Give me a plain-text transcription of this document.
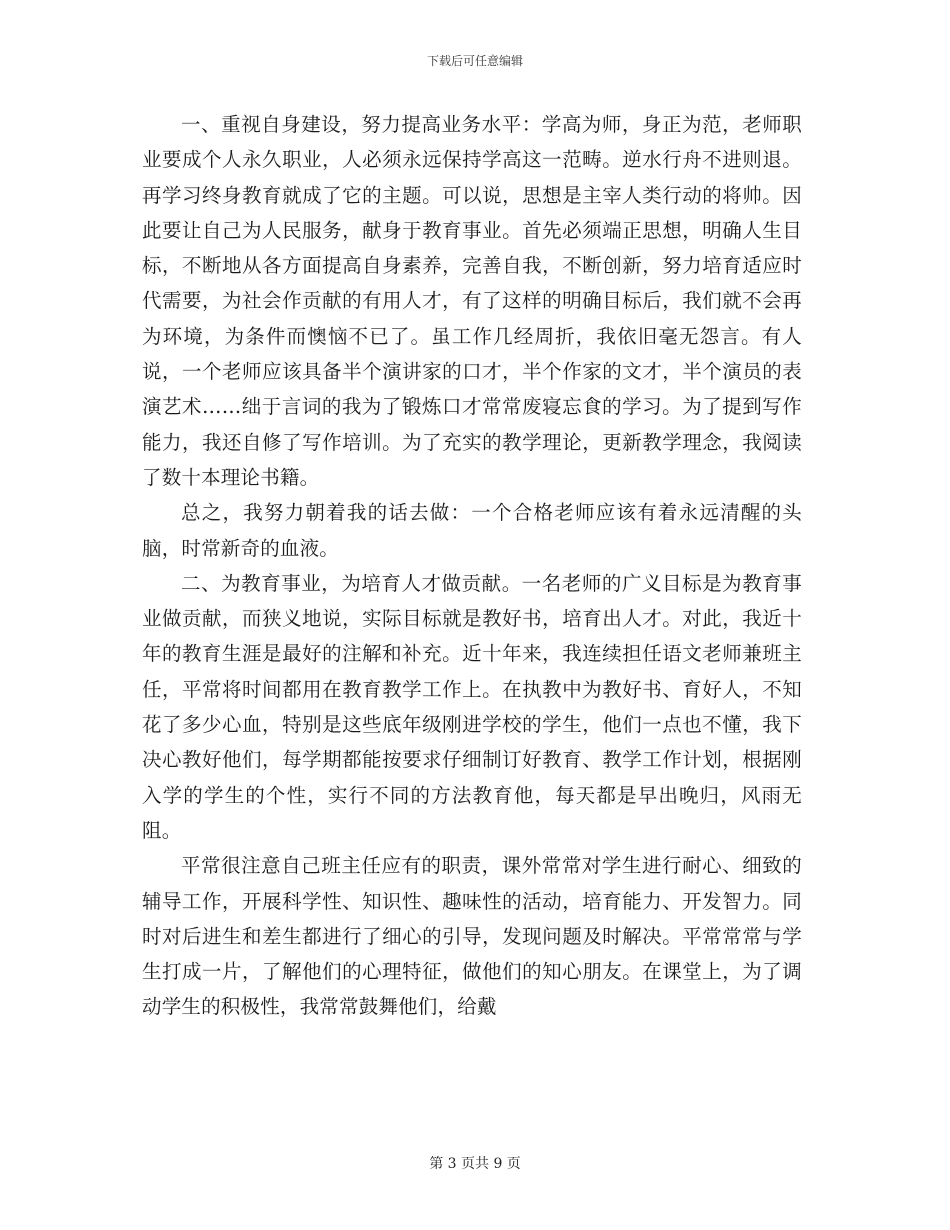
下载后可任意编辑

一、重视自身建设，努力提高业务水平：学高为师，身正为范，老师职业要成个人永久职业，人必须永远保持学高这一范畴。逆水行舟不进则退。再学习终身教育就成了它的主题。可以说，思想是主宰人类行动的将帅。因此要让自己为人民服务，献身于教育事业。首先必须端正思想，明确人生目标，不断地从各方面提高自身素养，完善自我，不断创新，努力培育适应时代需要，为社会作贡献的有用人才，有了这样的明确目标后，我们就不会再为环境，为条件而懊恼不已了。虽工作几经周折，我依旧毫无怨言。有人说，一个老师应该具备半个演讲家的口才，半个作家的文才，半个演员的表演艺术……绌于言词的我为了锻炼口才常常废寝忘食的学习。为了提到写作能力，我还自修了写作培训。为了充实的教学理论，更新教学理念，我阅读了数十本理论书籍。

总之，我努力朝着我的话去做：一个合格老师应该有着永远清醒的头脑，时常新奇的血液。

二、为教育事业，为培育人才做贡献。一名老师的广义目标是为教育事业做贡献，而狭义地说，实际目标就是教好书，培育出人才。对此，我近十年的教育生涯是最好的注解和补充。近十年来，我连续担任语文老师兼班主任，平常将时间都用在教育教学工作上。在执教中为教好书、育好人，不知花了多少心血，特别是这些底年级刚进学校的学生，他们一点也不懂，我下决心教好他们，每学期都能按要求仔细制订好教育、教学工作计划，根据刚入学的学生的个性，实行不同的方法教育他，每天都是早出晚归，风雨无阻。

平常很注意自己班主任应有的职责，课外常常对学生进行耐心、细致的辅导工作，开展科学性、知识性、趣味性的活动，培育能力、开发智力。同时对后进生和差生都进行了细心的引导，发现问题及时解决。平常常常与学生打成一片，了解他们的心理特征，做他们的知心朋友。在课堂上，为了调动学生的积极性，我常常鼓舞他们，给戴

第 3 页共 9 页
